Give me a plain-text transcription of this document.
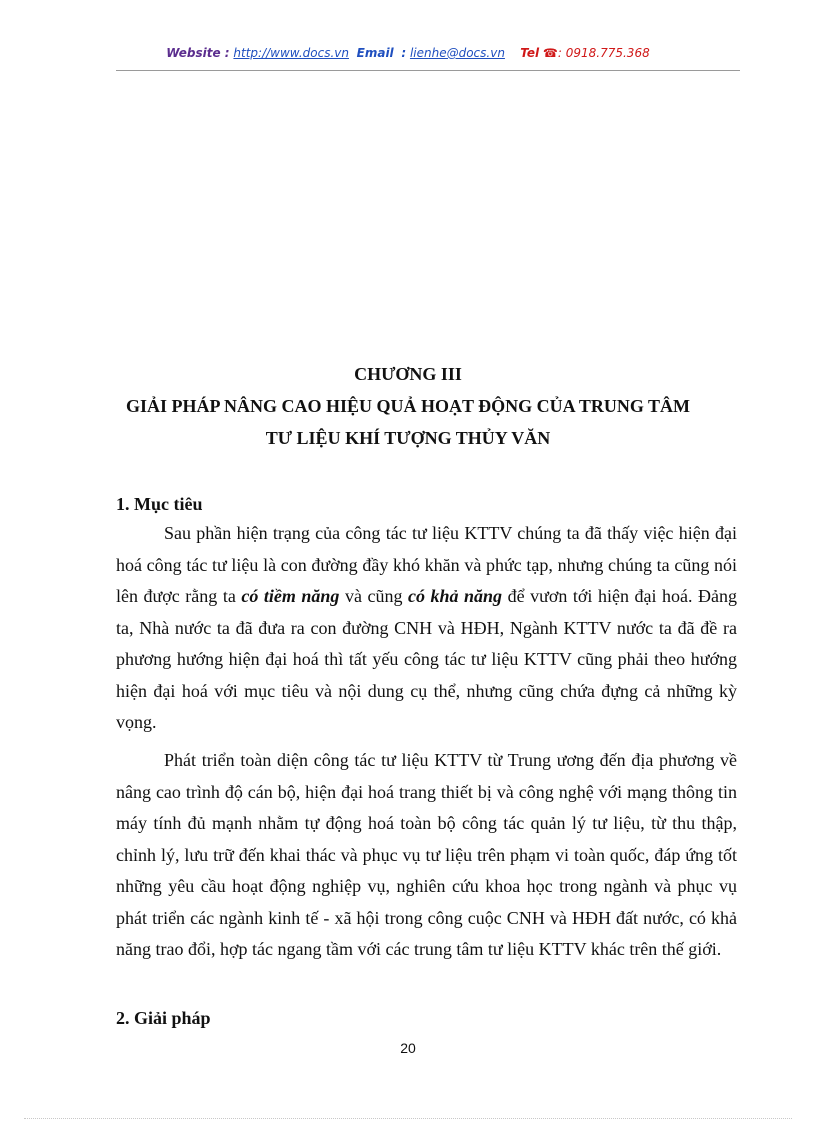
Website : http://www.docs.vn Email : lienhe@docs.vn Tel ☎: 0918.775.368
CHƯƠNG III
GIẢI PHÁP NÂNG CAO HIỆU QUẢ HOẠT ĐỘNG CỦA TRUNG TÂM
TƯ LIỆU KHÍ TƯỢNG THỦY VĂN
1. Mục tiêu

Sau phần hiện trạng của công tác tư liệu KTTV chúng ta đã thấy việc hiện đại hoá công tác tư liệu là con đường đầy khó khăn và phức tạp, nhưng chúng ta cũng nói lên được rằng ta có tiềm năng và cũng có khả năng để vươn tới hiện đại hoá. Đảng ta, Nhà nước ta đã đưa ra con đường CNH và HĐH, Ngành KTTV nước ta đã đề ra phương hướng hiện đại hoá thì tất yếu công tác tư liệu KTTV cũng phải theo hướng hiện đại hoá với mục tiêu và nội dung cụ thể, nhưng cũng chứa đựng cả những kỳ vọng.

Phát triển toàn diện công tác tư liệu KTTV từ Trung ương đến địa phương về nâng cao trình độ cán bộ, hiện đại hoá trang thiết bị và công nghệ với mạng thông tin máy tính đủ mạnh nhằm tự động hoá toàn bộ công tác quản lý tư liệu, từ thu thập, chỉnh lý, lưu trữ đến khai thác và phục vụ tư liệu trên phạm vi toàn quốc, đáp ứng tốt những yêu cầu hoạt động nghiệp vụ, nghiên cứu khoa học trong ngành và phục vụ phát triển các ngành kinh tế - xã hội trong công cuộc CNH và HĐH đất nước, có khả năng trao đổi, hợp tác ngang tầm với các trung tâm tư liệu KTTV khác trên thế giới.

2. Giải pháp
20
